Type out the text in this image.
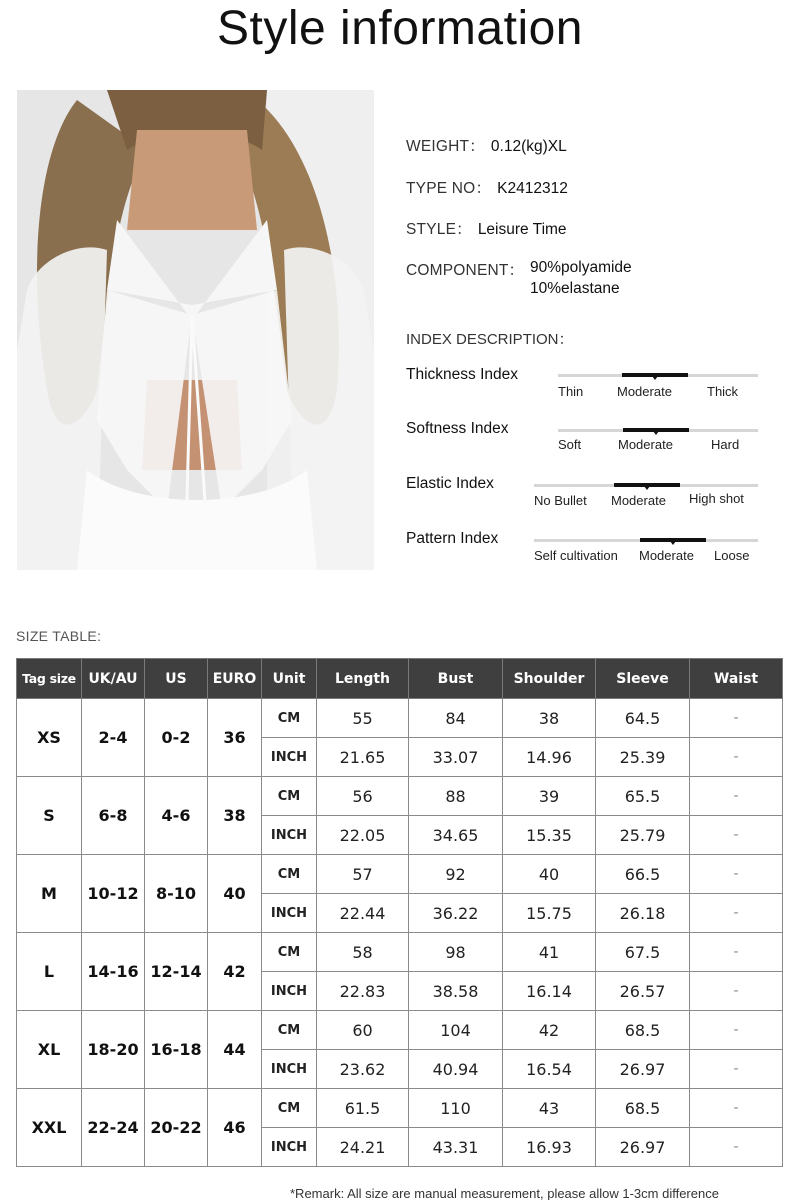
Style information
WEIGHT： 0.12(kg)XL
TYPE NO： K2412312
STYLE： Leisure Time
COMPONENT： 90%polyamide
10%elastane
INDEX DESCRIPTION：
Thickness Index
Thin	Moderate	Thick
Softness Index
Soft	Moderate	Hard
Elastic Index
No Bullet Moderate High shot
Pattern Index
Self cultivation Moderate Loose
SIZE TABLE:
Tag size	UK/AU	US	EURO	Unit	Length	Bust	Shoulder	Sleeve	Waist
XS	2-4	0-2	36	CM	55	84	38	64.5	-
				INCH	21.65	33.07	14.96	25.39	-
S	6-8	4-6	38	CM	56	88	39	65.5	-
				INCH	22.05	34.65	15.35	25.79	-
M	10-12	8-10	40	CM	57	92	40	66.5	-
				INCH	22.44	36.22	15.75	26.18	-
L	14-16	12-14	42	CM	58	98	41	67.5	-
				INCH	22.83	38.58	16.14	26.57	-
XL	18-20	16-18	44	CM	60	104	42	68.5	-
				INCH	23.62	40.94	16.54	26.97	-
XXL	22-24	20-22	46	CM	61.5	110	43	68.5	-
				INCH	24.21	43.31	16.93	26.97	-
*Remark: All size are manual measurement, please allow 1-3cm difference
